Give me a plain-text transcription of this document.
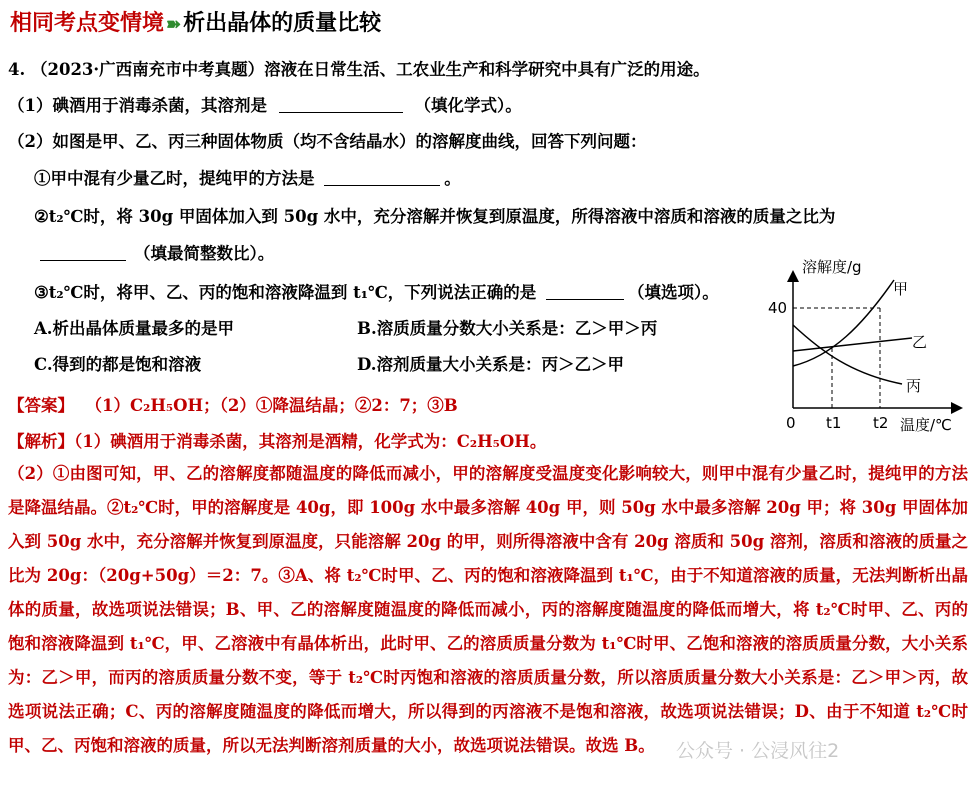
相同考点变情境 ➽析出晶体的质量比较
4. （2023·广西南充市中考真题）溶液在日常生活、工农业生产和科学研究中具有广泛的用途。
（1）碘酒用于消毒杀菌，其溶剂是	（填化学式）。
（2）如图是甲、乙、丙三种固体物质（均不含结晶水）的溶解度曲线，回答下列问题：
①甲中混有少量乙时，提纯甲的方法是	。
②t₂℃时，将 30g 甲固体加入到 50g 水中，充分溶解并恢复到原温度，所得溶液中溶质和溶液的质量之比为
（填最简整数比）。
③t₂℃时，将甲、乙、丙的饱和溶液降温到 t₁℃，下列说法正确的是	（填选项）。
A.析出晶体质量最多的是甲	B.溶质质量分数大小关系是：乙＞甲＞丙
C.得到的都是饱和溶液	D.溶剂质量大小关系是：丙＞乙＞甲
【答案】 （1）C₂H₅OH；（2）①降温结晶；②2：7；③B
【解析】（1）碘酒用于消毒杀菌，其溶剂是酒精，化学式为：C₂H₅OH。
（2）①由图可知，甲、乙的溶解度都随温度的降低而减小，甲的溶解度受温度变化影响较大，则甲中混有少量乙时，提纯甲的方法是降温结晶。②t₂℃时，甲的溶解度是 40g，即 100g 水中最多溶解 40g 甲，则 50g 水中最多溶解 20g 甲；将 30g 甲固体加入到 50g 水中，充分溶解并恢复到原温度，只能溶解 20g 的甲，则所得溶液中含有 20g 溶质和 50g 溶剂，溶质和溶液的质量之比为 20g：（20g+50g）＝2：7。③A、将 t₂℃时甲、乙、丙的饱和溶液降温到 t₁℃，由于不知道溶液的质量，无法判断析出晶体的质量，故选项说法错误；B、甲、乙的溶解度随温度的降低而减小，丙的溶解度随温度的降低而增大，将 t₂℃时甲、乙、丙的饱和溶液降温到 t₁℃，甲、乙溶液中有晶体析出，此时甲、乙的溶质质量分数为 t₁℃时甲、乙饱和溶液的溶质质量分数，大小关系为：乙＞甲，而丙的溶质质量分数不变，等于 t₂℃时丙饱和溶液的溶质质量分数，所以溶质质量分数大小关系是：乙＞甲＞丙，故选项说法正确；C、丙的溶解度随温度的降低而增大，所以得到的丙溶液不是饱和溶液，故选项说法错误；D、由于不知道 t₂℃时甲、乙、丙饱和溶液的质量，所以无法判断溶剂质量的大小，故选项说法错误。故选 B。
溶解度/g
40
0 t1 t2 温度/℃
甲
乙
丙
公众号 · 公浸风往2
